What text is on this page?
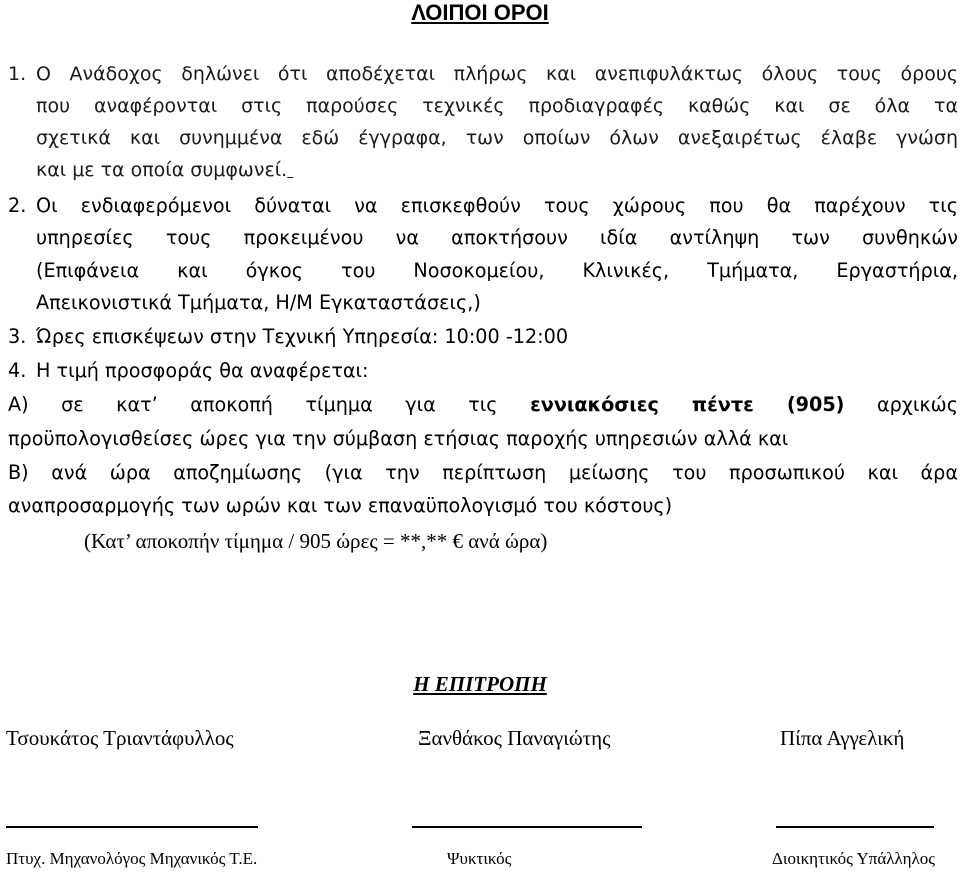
ΛΟΙΠΟΙ ΟΡΟΙ
1. Ο Ανάδοχος δηλώνει ότι αποδέχεται πλήρως και ανεπιφυλάκτως όλους τους όρους
που αναφέρονται στις παρούσες τεχνικές προδιαγραφές καθώς και σε όλα τα
σχετικά και συνημμένα εδώ έγγραφα, των οποίων όλων ανεξαιρέτως έλαβε γνώση
και με τα οποία συμφωνεί.
2. Οι ενδιαφερόμενοι δύναται να επισκεφθούν τους χώρους που θα παρέχουν τις
υπηρεσίες τους προκειμένου να αποκτήσουν ιδία αντίληψη των συνθηκών
(Επιφάνεια και όγκος του Νοσοκομείου, Κλινικές, Τμήματα, Εργαστήρια,
Απεικονιστικά Τμήματα, Η/Μ Εγκαταστάσεις,)
3. Ώρες επισκέψεων στην Τεχνική Υπηρεσία: 10:00 -12:00
4. Η τιμή προσφοράς θα αναφέρεται:
Α) σε κατ’ αποκοπή τίμημα για τις εννιακόσιες πέντε (905) αρχικώς
προϋπολογισθείσες ώρες για την σύμβαση ετήσιας παροχής υπηρεσιών αλλά και
Β) ανά ώρα αποζημίωσης (για την περίπτωση μείωσης του προσωπικού και άρα
αναπροσαρμογής των ωρών και των επαναϋπολογισμό του κόστους)
(Κατ’ αποκοπήν τίμημα / 905 ώρες = **,** € ανά ώρα)
Η ΕΠΙΤΡΟΠΗ
Τσουκάτος Τριαντάφυλλος	Ξανθάκος Παναγιώτης	Πίπα Αγγελική
Πτυχ. Μηχανολόγος Μηχανικός Τ.Ε.	Ψυκτικός	Διοικητικός Υπάλληλος
